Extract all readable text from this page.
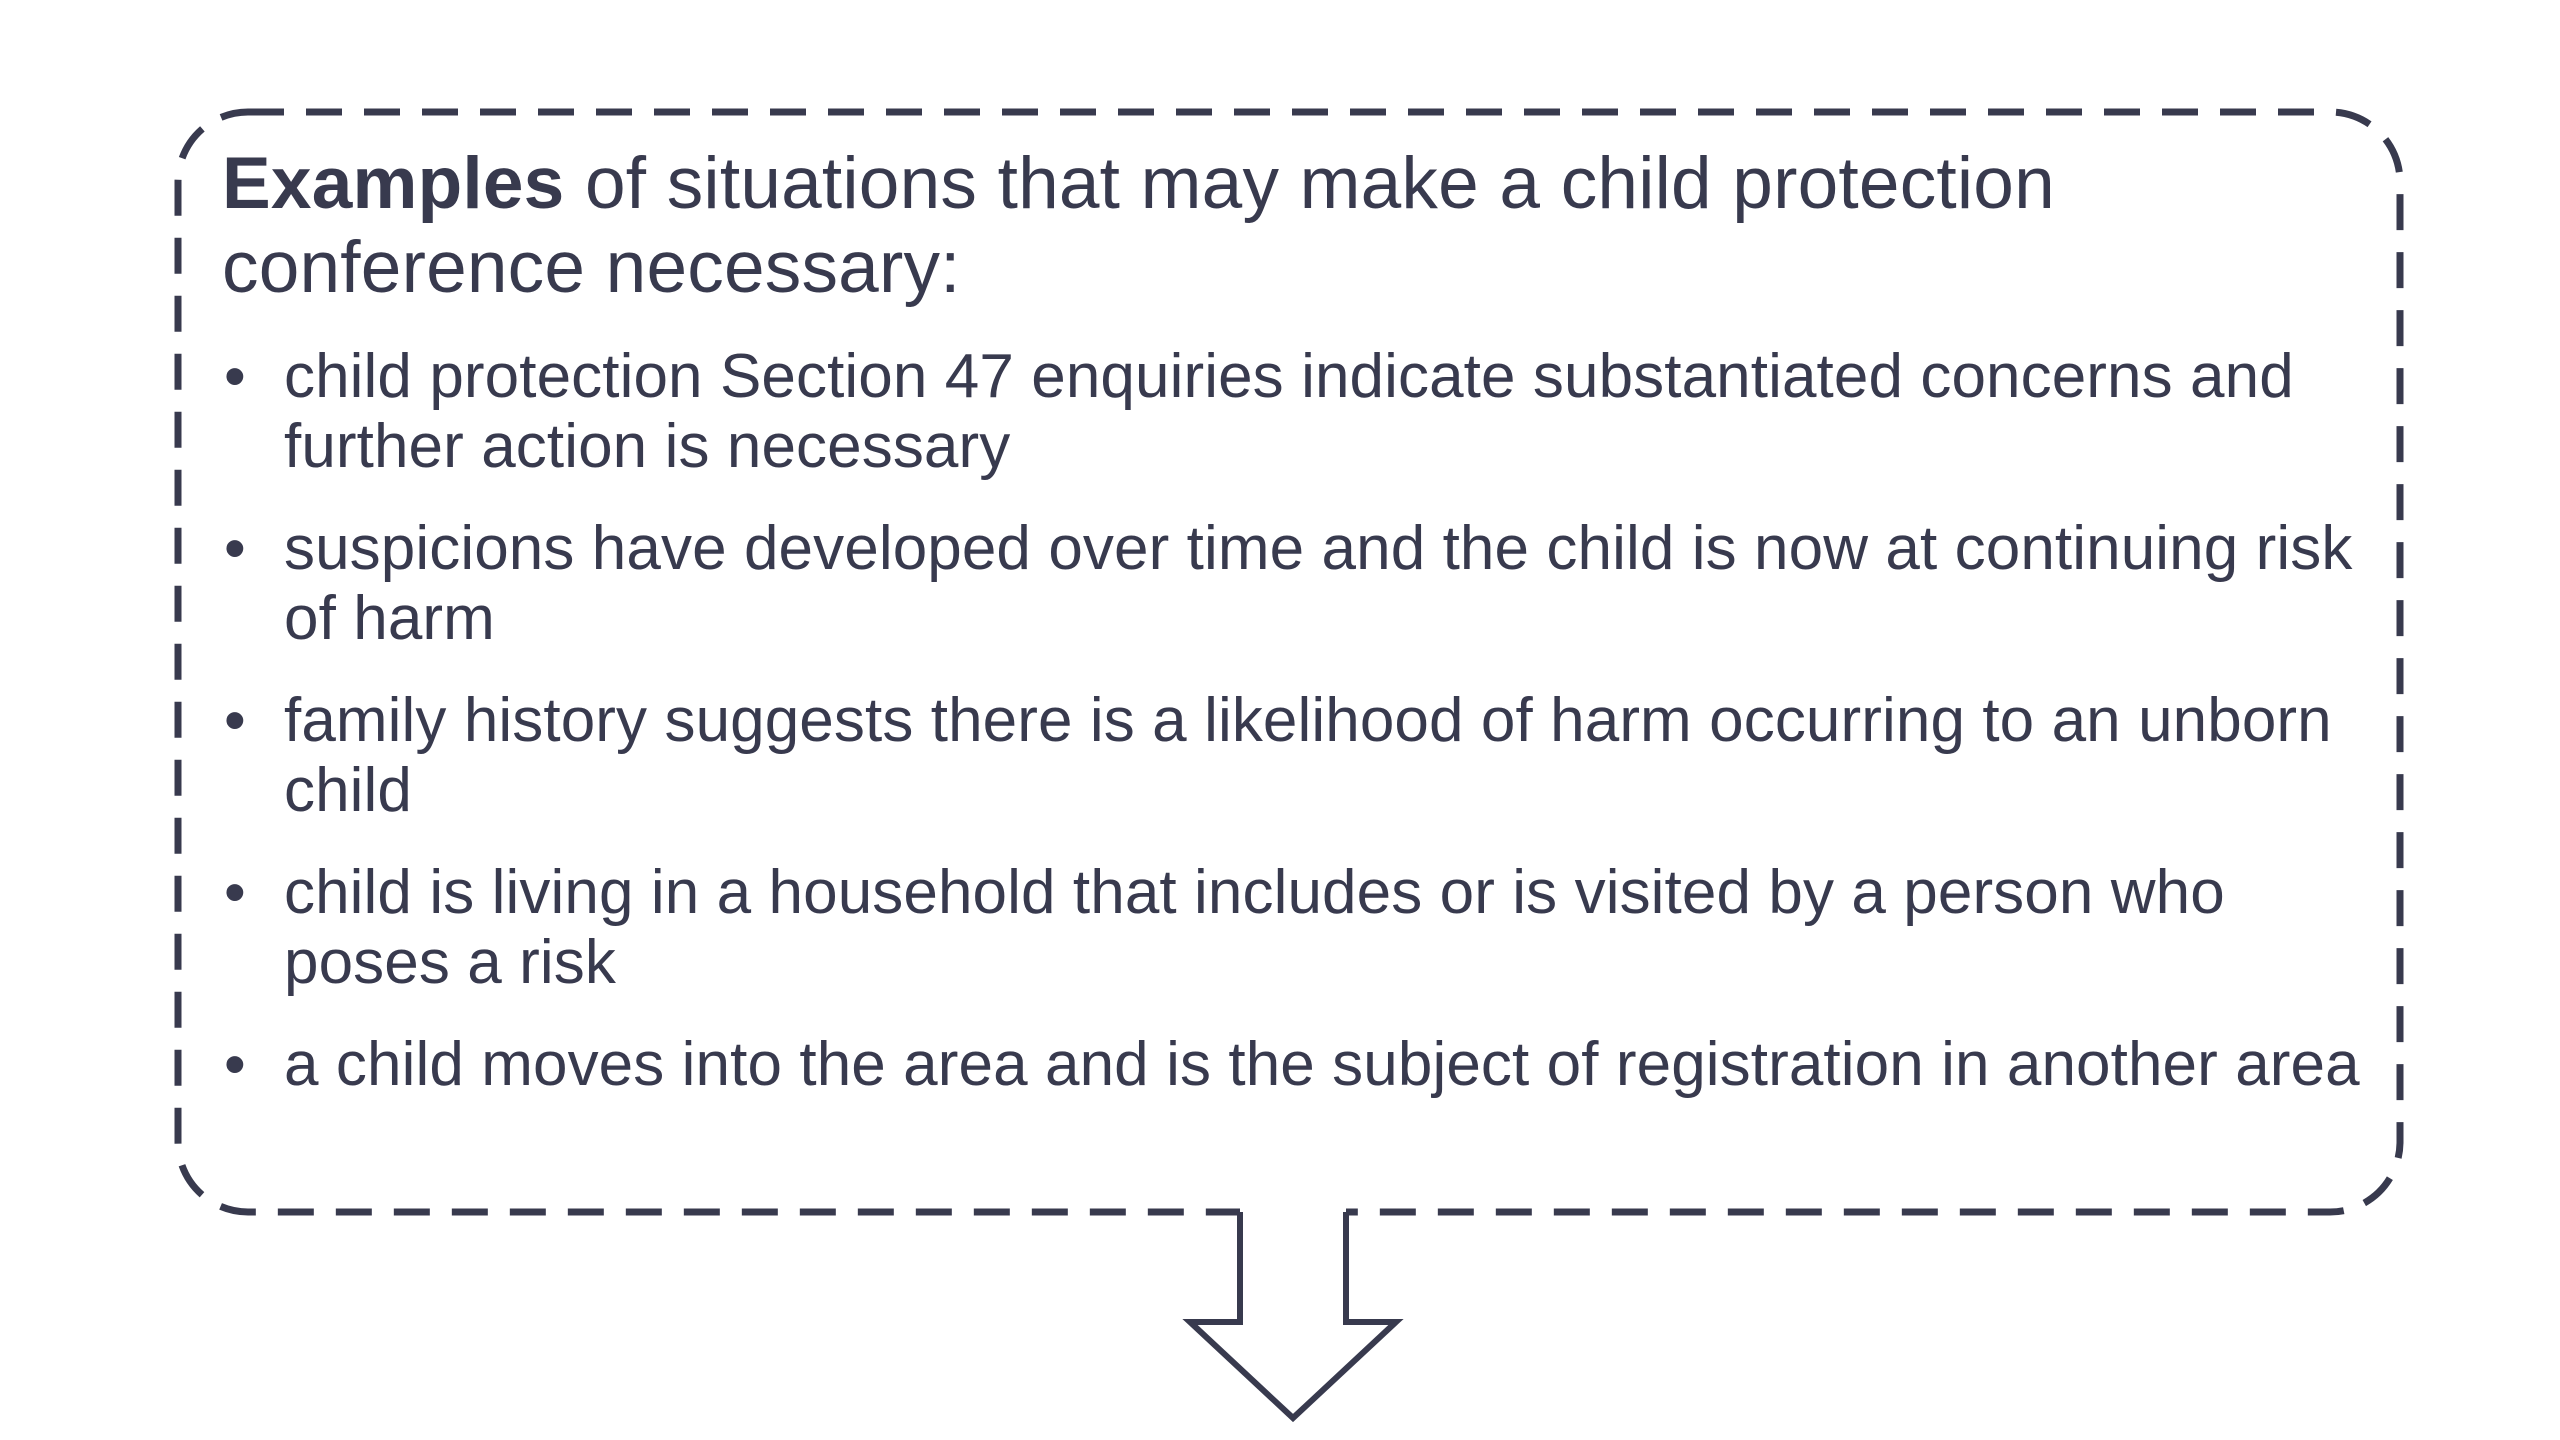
Examples of situations that may make a child protection conference necessary:
• child protection Section 47 enquiries indicate substantiated concerns and further action is necessary
• suspicions have developed over time and the child is now at continuing risk of harm
• family history suggests there is a likelihood of harm occurring to an unborn child
• child is living in a household that includes or is visited by a person who poses a risk
• a child moves into the area and is the subject of registration in another area
